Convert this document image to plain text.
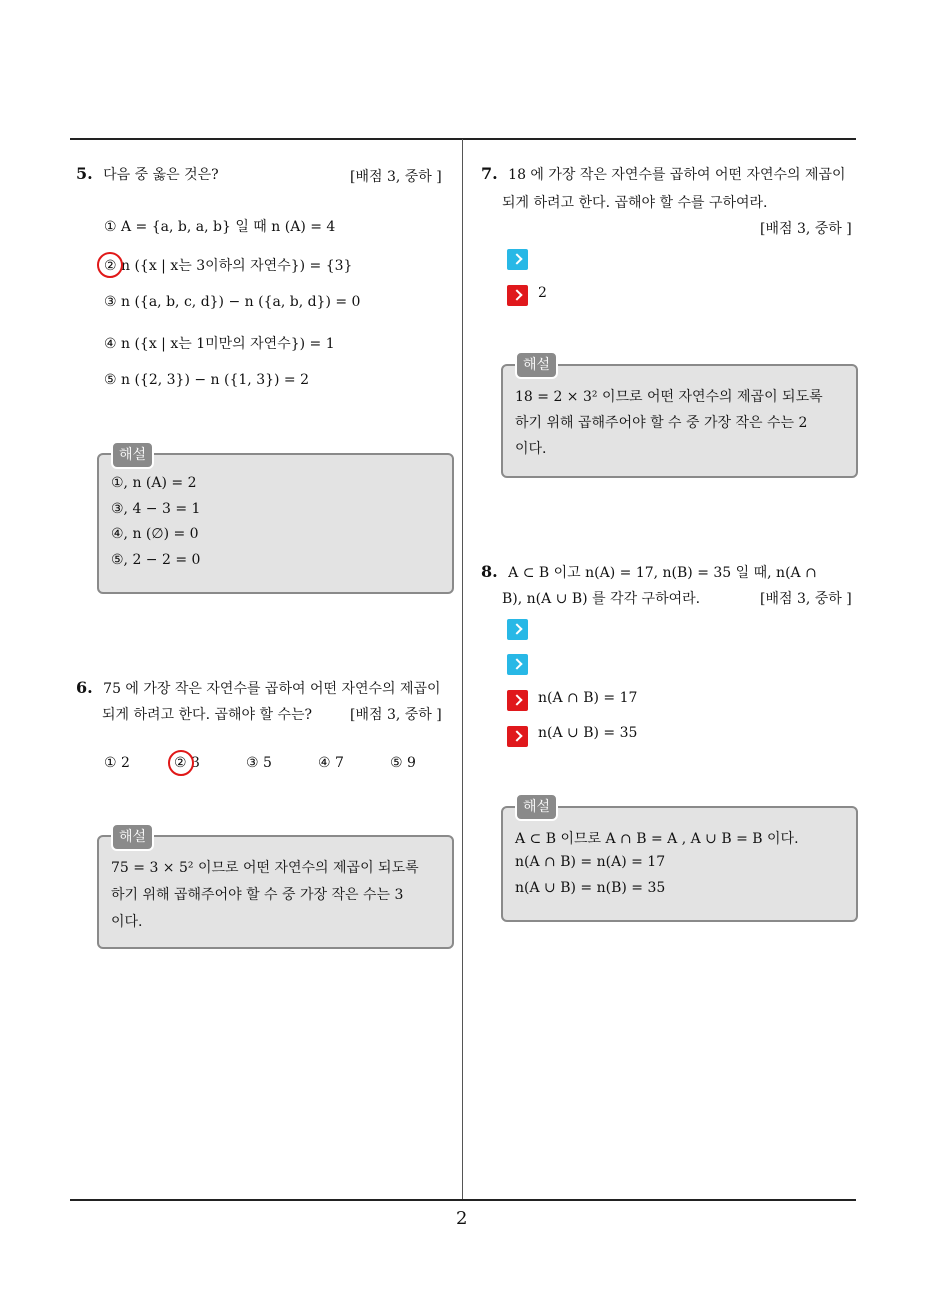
2
5. 다음 중 옳은 것은?	[배점 3, 중하 ]
① A = {a, b, a, b} 일 때 n (A) = 4
② n ({x | x는 3이하의 자연수}) = {3}
③ n ({a, b, c, d}) − n ({a, b, d}) = 0
④ n ({x | x는 1미만의 자연수}) = 1
⑤ n ({2, 3}) − n ({1, 3}) = 2
해설
①, n (A) = 2
③, 4 − 3 = 1
④, n (∅) = 0
⑤, 2 − 2 = 0
6. 75 에 가장 작은 자연수를 곱하여 어떤 자연수의 제곱이
되게 하려고 한다. 곱해야 할 수는?	[배점 3, 중하 ]
① 2	② 3	③ 5	④ 7	⑤ 9
해설
75 = 3 × 5² 이므로 어떤 자연수의 제곱이 되도록
하기 위해 곱해주어야 할 수 중 가장 작은 수는 3
이다.
7. 18 에 가장 작은 자연수를 곱하여 어떤 자연수의 제곱이
되게 하려고 한다. 곱해야 할 수를 구하여라.
[배점 3, 중하 ]
2
해설
18 = 2 × 3² 이므로 어떤 자연수의 제곱이 되도록
하기 위해 곱해주어야 할 수 중 가장 작은 수는 2
이다.
8. A ⊂ B 이고 n(A) = 17, n(B) = 35 일 때, n(A ∩
B), n(A ∪ B) 를 각각 구하여라.	[배점 3, 중하 ]
n(A ∩ B) = 17
n(A ∪ B) = 35
해설
A ⊂ B 이므로 A ∩ B = A , A ∪ B = B 이다.
n(A ∩ B) = n(A) = 17
n(A ∪ B) = n(B) = 35
